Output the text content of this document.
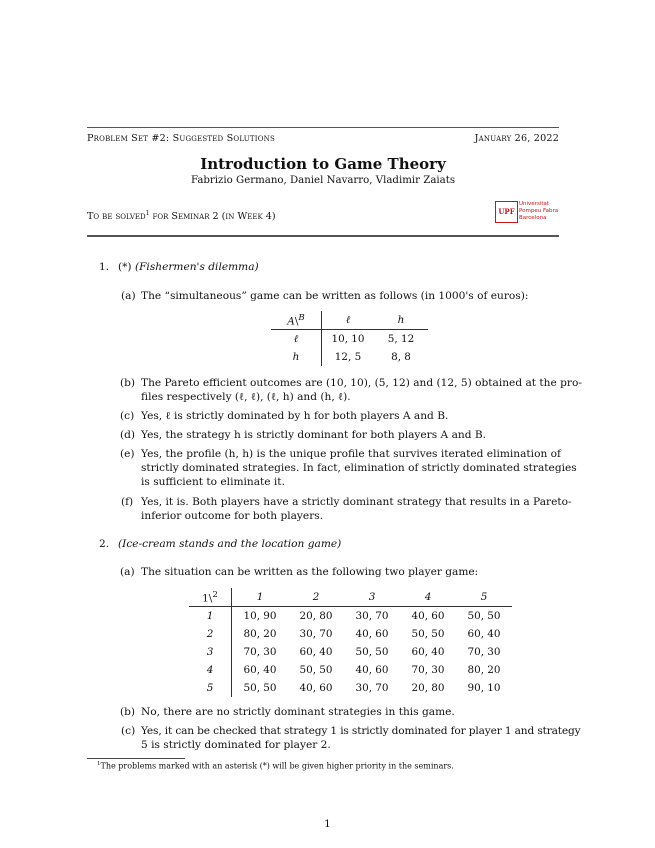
Problem Set #2: Suggested Solutions	January 26, 2022
Introduction to Game Theory
Fabrizio Germano, Daniel Navarro, Vladimir Zaiats
To be solved$^1$ for Seminar 2 (in Week 4)	UPF
Universitat
Pompeu Fabra
Barcelona
1. (*) (Fishermen's dilemma)
(a) The “simultaneous” game can be written as follows (in 1000's of euros):
A\$^B$	ℓ	h
ℓ	10, 10	5, 12
h	12, 5	8, 8
(b) The Pareto efficient outcomes are (10, 10), (5, 12) and (12, 5) obtained at the pro-
files respectively (ℓ, ℓ), (ℓ, h) and (h, ℓ).
(c) Yes, ℓ is strictly dominated by h for both players A and B.
(d) Yes, the strategy h is strictly dominant for both players A and B.
(e) Yes, the profile (h, h) is the unique profile that survives iterated elimination of
strictly dominated strategies. In fact, elimination of strictly dominated strategies
is sufficient to eliminate it.
(f) Yes, it is. Both players have a strictly dominant strategy that results in a Pareto-
inferior outcome for both players.
2. (Ice-cream stands and the location game)
(a) The situation can be written as the following two player game:
1\$^2$	1	2	3	4	5
1	10, 90	20, 80	30, 70	40, 60	50, 50
2	80, 20	30, 70	40, 60	50, 50	60, 40
3	70, 30	60, 40	50, 50	60, 40	70, 30
4	60, 40	50, 50	40, 60	70, 30	80, 20
5	50, 50	40, 60	30, 70	20, 80	90, 10
(b) No, there are no strictly dominant strategies in this game.
(c) Yes, it can be checked that strategy 1 is strictly dominated for player 1 and strategy
5 is strictly dominated for player 2.
$^1$The problems marked with an asterisk (*) will be given higher priority in the seminars.
1
